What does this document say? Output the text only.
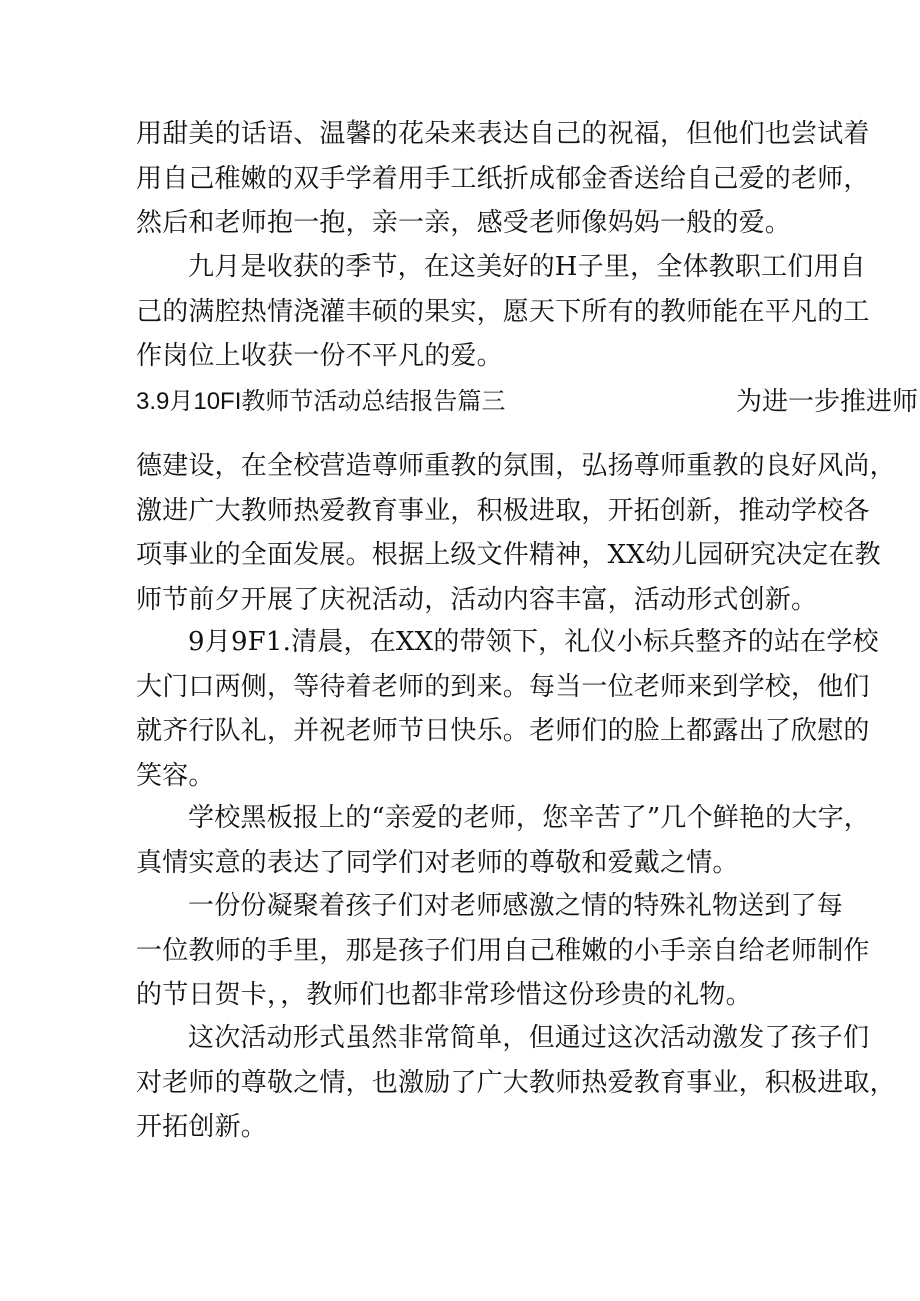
用甜美的话语、温馨的花朵来表达自己的祝福，但他们也尝试着
用自己稚嫩的双手学着用手工纸折成郁金香送给自己爱的老师，
然后和老师抱一抱，亲一亲，感受老师像妈妈一般的爱。

九月是收获的季节，在这美好的H子里，全体教职工们用自
己的满腔热情浇灌丰硕的果实，愿天下所有的教师能在平凡的工
作岗位上收获一份不平凡的爱。

3.9月10FI教师节活动总结报告篇三	为进一步推进师

德建设，在全校营造尊师重教的氛围，弘扬尊师重教的良好风尚，
激进广大教师热爱教育事业，积极进取，开拓创新，推动学校各
项事业的全面发展。根据上级文件精神，XX幼儿园研究决定在教
师节前夕开展了庆祝活动，活动内容丰富，活动形式创新。

9月9F1.清晨，在XX的带领下，礼仪小标兵整齐的站在学校
大门口两侧，等待着老师的到来。每当一位老师来到学校，他们
就齐行队礼，并祝老师节日快乐。老师们的脸上都露出了欣慰的
笑容。

学校黑板报上的“亲爱的老师，您辛苦了”几个鲜艳的大字，
真情实意的表达了同学们对老师的尊敬和爱戴之情。

一份份凝聚着孩子们对老师感激之情的特殊礼物送到了每
一位教师的手里，那是孩子们用自己稚嫩的小手亲自给老师制作
的节日贺卡，，教师们也都非常珍惜这份珍贵的礼物。

这次活动形式虽然非常简单，但通过这次活动激发了孩子们
对老师的尊敬之情，也激励了广大教师热爱教育事业，积极进取，
开拓创新。
